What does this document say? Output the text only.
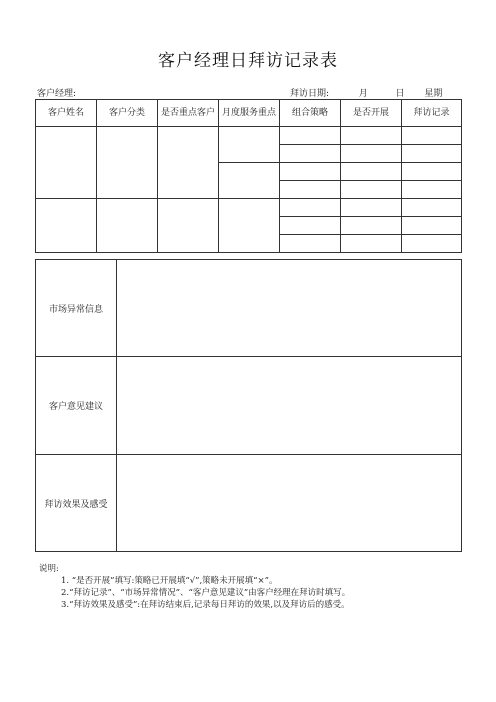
客户经理日拜访记录表
客户经理:	拜访日期:	月	日 星期
客户姓名	客户分类	是否重点客户	月度服务重点	组合策略	是否开展	拜访记录

市场异常信息	
客户意见建议	
拜访效果及感受	
说明:
1. “是否开展”填写:策略已开展填“√”,策略未开展填“×”。
2.“拜访记录”、“市场异常情况”、“客户意见建议”由客户经理在拜访时填写。
3.“拜访效果及感受”:在拜访结束后,记录每日拜访的效果,以及拜访后的感受。
